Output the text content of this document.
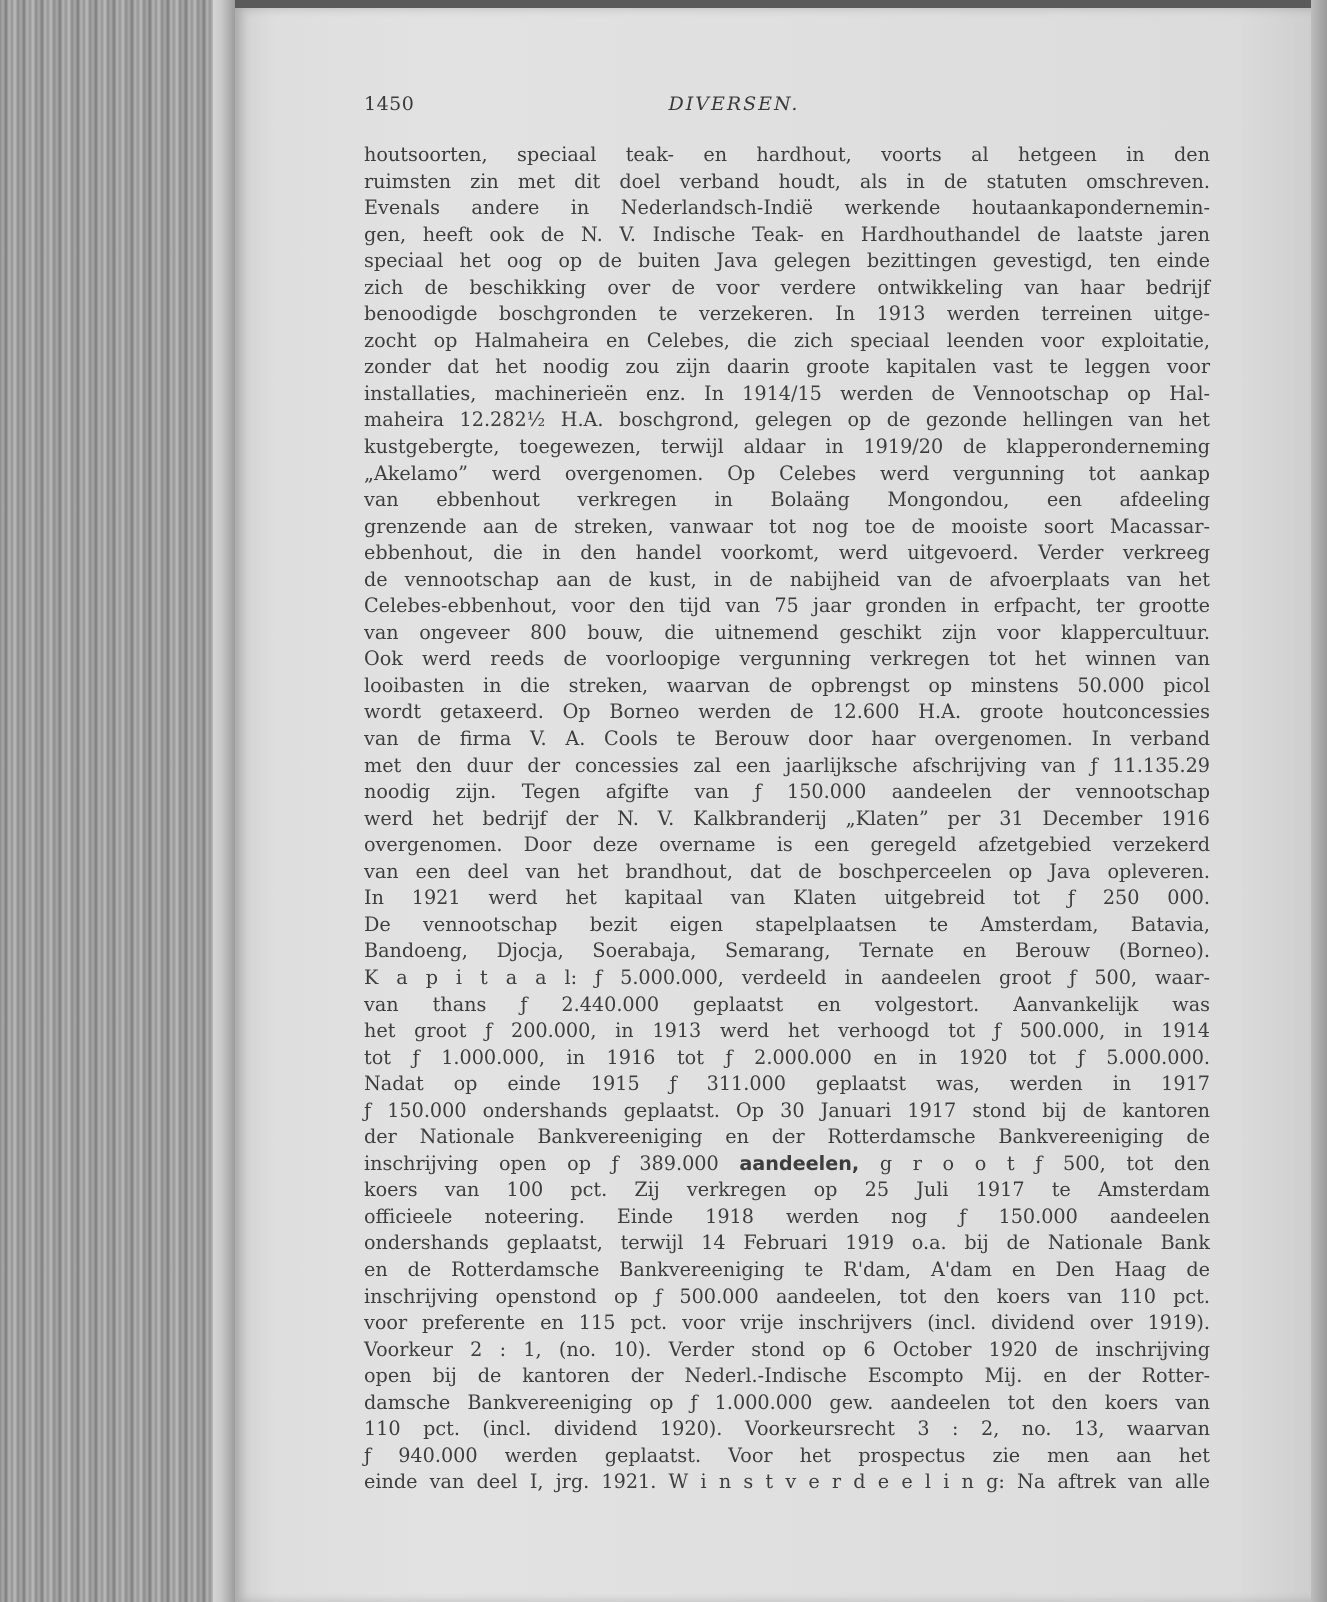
1450	DIVERSEN.
houtsoorten, speciaal teak- en hardhout, voorts al hetgeen in den
ruimsten zin met dit doel verband houdt, als in de statuten omschreven.
Evenals andere in Nederlandsch-Indië werkende houtaankapondernemin-
gen, heeft ook de N. V. Indische Teak- en Hardhouthandel de laatste jaren
speciaal het oog op de buiten Java gelegen bezittingen gevestigd, ten einde
zich de beschikking over de voor verdere ontwikkeling van haar bedrijf
benoodigde boschgronden te verzekeren. In 1913 werden terreinen uitge-
zocht op Halmaheira en Celebes, die zich speciaal leenden voor exploitatie,
zonder dat het noodig zou zijn daarin groote kapitalen vast te leggen voor
installaties, machinerieën enz. In 1914/15 werden de Vennootschap op Hal-
maheira 12.282½ H.A. boschgrond, gelegen op de gezonde hellingen van het
kustgebergte, toegewezen, terwijl aldaar in 1919/20 de klapperonderneming
„Akelamo” werd overgenomen. Op Celebes werd vergunning tot aankap
van ebbenhout verkregen in Bolaäng Mongondou, een afdeeling
grenzende aan de streken, vanwaar tot nog toe de mooiste soort Macassar-
ebbenhout, die in den handel voorkomt, werd uitgevoerd. Verder verkreeg
de vennootschap aan de kust, in de nabijheid van de afvoerplaats van het
Celebes-ebbenhout, voor den tijd van 75 jaar gronden in erfpacht, ter grootte
van ongeveer 800 bouw, die uitnemend geschikt zijn voor klappercultuur.
Ook werd reeds de voorloopige vergunning verkregen tot het winnen van
looibasten in die streken, waarvan de opbrengst op minstens 50.000 picol
wordt getaxeerd. Op Borneo werden de 12.600 H.A. groote houtconcessies
van de firma V. A. Cools te Berouw door haar overgenomen. In verband
met den duur der concessies zal een jaarlijksche afschrijving van ƒ 11.135.29
noodig zijn. Tegen afgifte van ƒ 150.000 aandeelen der vennootschap
werd het bedrijf der N. V. Kalkbranderij „Klaten” per 31 December 1916
overgenomen. Door deze overname is een geregeld afzetgebied verzekerd
van een deel van het brandhout, dat de boschperceelen op Java opleveren.
In 1921 werd het kapitaal van Klaten uitgebreid tot ƒ 250 000.
De vennootschap bezit eigen stapelplaatsen te Amsterdam, Batavia,
Bandoeng, Djocja, Soerabaja, Semarang, Ternate en Berouw (Borneo).
K a p i t a a l: ƒ 5.000.000, verdeeld in aandeelen groot ƒ 500, waar-
van thans ƒ 2.440.000 geplaatst en volgestort. Aanvankelijk was
het groot ƒ 200.000, in 1913 werd het verhoogd tot ƒ 500.000, in 1914
tot ƒ 1.000.000, in 1916 tot ƒ 2.000.000 en in 1920 tot ƒ 5.000.000.
Nadat op einde 1915 ƒ 311.000 geplaatst was, werden in 1917
ƒ 150.000 ondershands geplaatst. Op 30 Januari 1917 stond bij de kantoren
der Nationale Bankvereeniging en der Rotterdamsche Bankvereeniging de
inschrijving open op ƒ 389.000 aandeelen, g r o o t ƒ 500, tot den
koers van 100 pct. Zij verkregen op 25 Juli 1917 te Amsterdam
officieele noteering. Einde 1918 werden nog ƒ 150.000 aandeelen
ondershands geplaatst, terwijl 14 Februari 1919 o.a. bij de Nationale Bank
en de Rotterdamsche Bankvereeniging te R'dam, A'dam en Den Haag de
inschrijving openstond op ƒ 500.000 aandeelen, tot den koers van 110 pct.
voor preferente en 115 pct. voor vrije inschrijvers (incl. dividend over 1919).
Voorkeur 2 : 1, (no. 10). Verder stond op 6 October 1920 de inschrijving
open bij de kantoren der Nederl.-Indische Escompto Mij. en der Rotter-
damsche Bankvereeniging op ƒ 1.000.000 gew. aandeelen tot den koers van
110 pct. (incl. dividend 1920). Voorkeursrecht 3 : 2, no. 13, waarvan
ƒ 940.000 werden geplaatst. Voor het prospectus zie men aan het
einde van deel I, jrg. 1921. W i n s t v e r d e e l i n g: Na aftrek van alle
